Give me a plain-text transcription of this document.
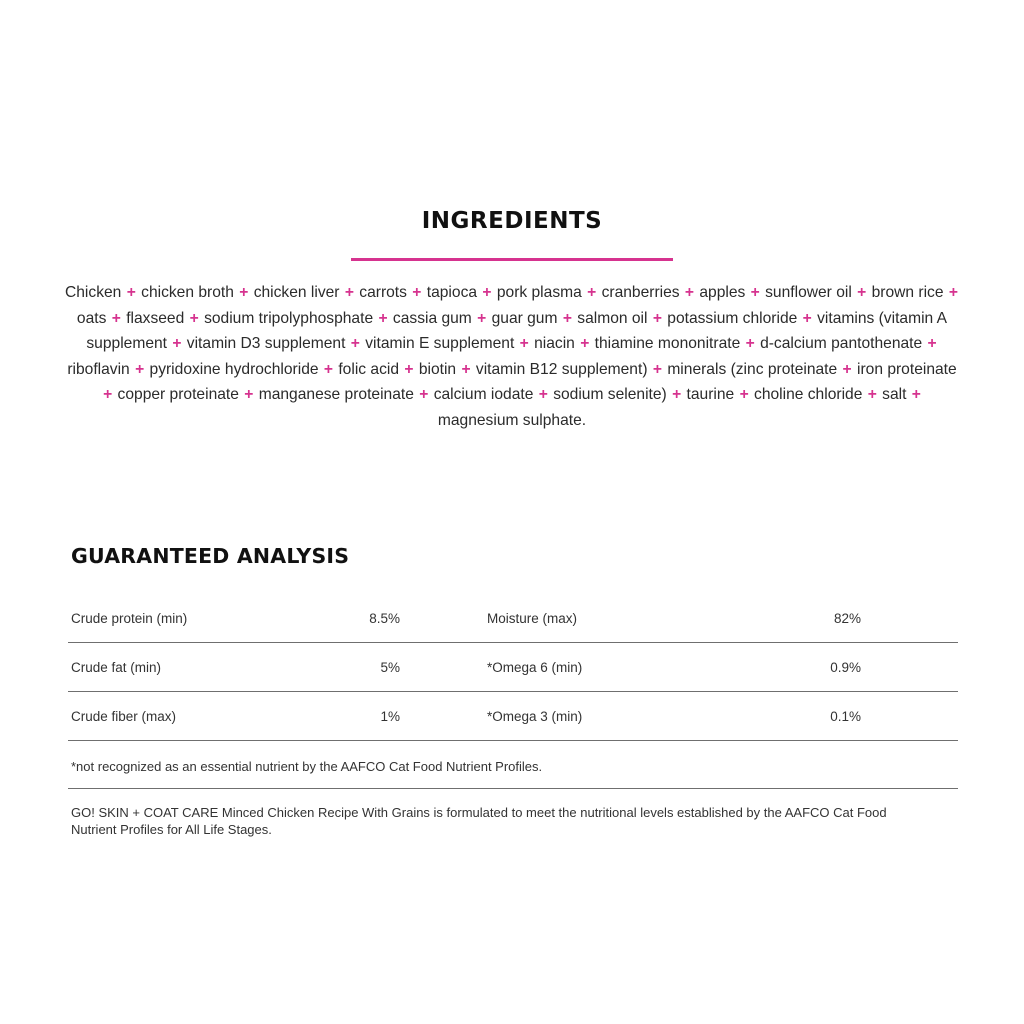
INGREDIENTS
Chicken + chicken broth + chicken liver + carrots + tapioca + pork plasma + cranberries + apples + sunflower oil + brown rice + oats + flaxseed + sodium tripolyphosphate + cassia gum + guar gum + salmon oil + potassium chloride + vitamins (vitamin A supplement + vitamin D3 supplement + vitamin E supplement + niacin + thiamine mononitrate + d-calcium pantothenate + riboflavin + pyridoxine hydrochloride + folic acid + biotin + vitamin B12 supplement) + minerals (zinc proteinate + iron proteinate + copper proteinate + manganese proteinate + calcium iodate + sodium selenite) + taurine + choline chloride + salt + magnesium sulphate.
GUARANTEED ANALYSIS
Crude protein (min)	8.5%	Moisture (max)	82%
Crude fat (min)	5%	*Omega 6 (min)	0.9%
Crude fiber (max)	1%	*Omega 3 (min)	0.1%
*not recognized as an essential nutrient by the AAFCO Cat Food Nutrient Profiles.
GO! SKIN + COAT CARE Minced Chicken Recipe With Grains is formulated to meet the nutritional levels established by the AAFCO Cat Food Nutrient Profiles for All Life Stages.
